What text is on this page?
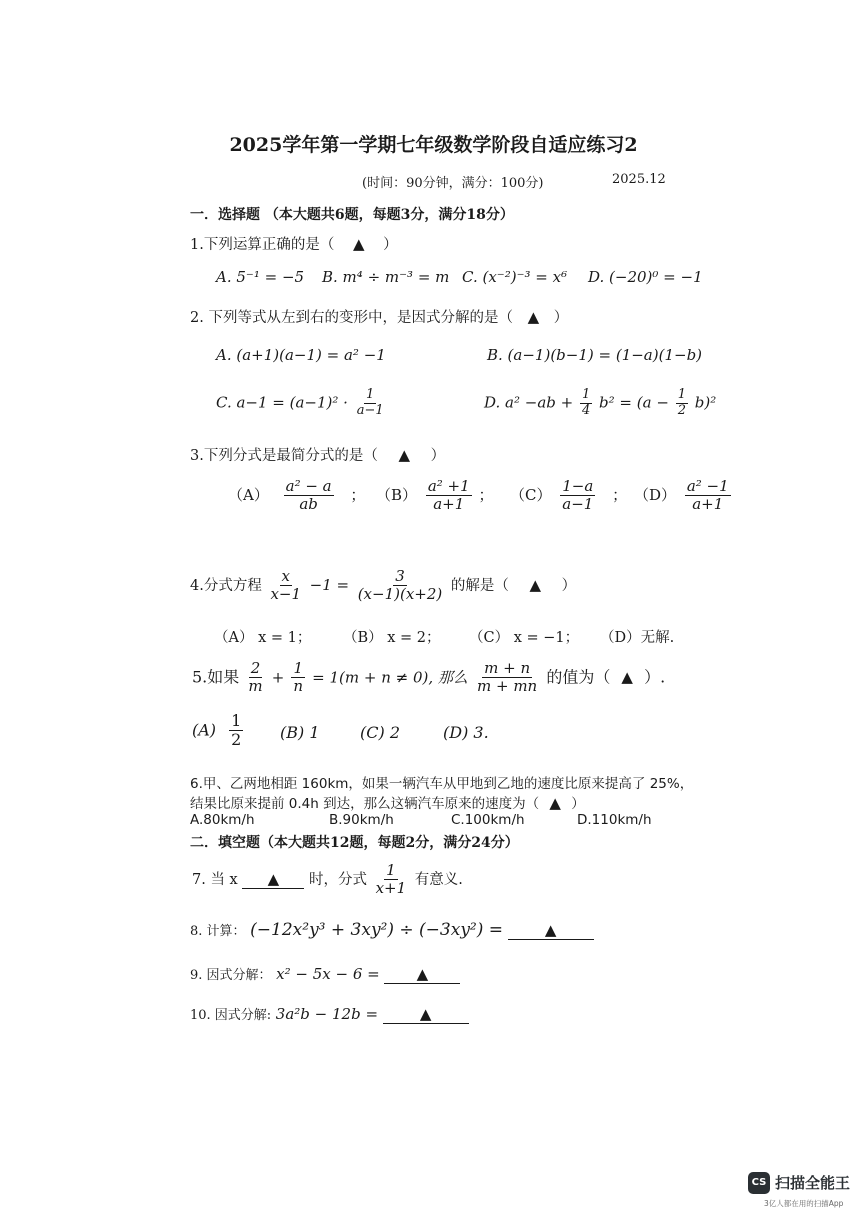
2025学年第一学期七年级数学阶段自适应练习2
(时间：90分钟，满分：100分)	2025.12
一．选择题 （本大题共6题，每题3分，满分18分）
1.下列运算正确的是（ ▲ ）
A. 5⁻¹ = −5 B. m⁴ ÷ m⁻³ = m C. (x⁻²)⁻³ = x⁶ D. (−20)⁰ = −1
2. 下列等式从左到右的变形中，是因式分解的是（ ▲ ）
A. (a+1)(a−1) = a² −1	B. (a−1)(b−1) = (1−a)(1−b)
C. $a-1 = (a-1)^2 \cdot \frac{1}{a-1}$	D. $a^2 -ab + \frac{1}{4} b^2 = (a - \frac{1}{2} b)^2$
3.下列分式是最简分式的是（ ▲ ）
$(A) \frac{\text{a² − a}}{ab}$ ； $(B) \frac{\text{a² +1}}{a+1}$ ； $(C) \frac{1-a}{a-1}$ ； $(D) \frac{\text{a² −1}}{a+1}$
4.分式方程 $\frac{x}{x-1} -1 = \frac{3}{(x-1)(x+2)}$ 的解是（ ▲ ）
（A） x = 1； （B） x = 2； （C） x = −1； （D）无解.
5.如果 $\frac{2}{m} + \frac{1}{n} = 1(m + n \ne 0)$, 那么 $\frac{m + n}{m + mn}$ 的值为（ ▲ ）.
$(A) \frac{1}{2} (B)$ 1	(C) 2	(D) 3.
6.甲、乙两地相距 160km，如果一辆汽车从甲地到乙地的速度比原来提高了 25%，
结果比原来提前 0.4h 到达，那么这辆汽车原来的速度为（ ▲ ）
A.80km/h	B.90km/h	C.100km/h	D.110km/h
二．填空题（本大题共12题，每题2分，满分24分）
7. 当 x ▲ 时，分式 $\frac{1}{x+1}$ 有意义.
8. 计算： (−12x²y³ + 3xy²) ÷ (−3xy²) =	▲
9. 因式分解： x² − 5x − 6 = ▲
10. 因式分解: 3a²b − 12b =	▲
CS 扫描全能王
3亿人都在用的扫描App
